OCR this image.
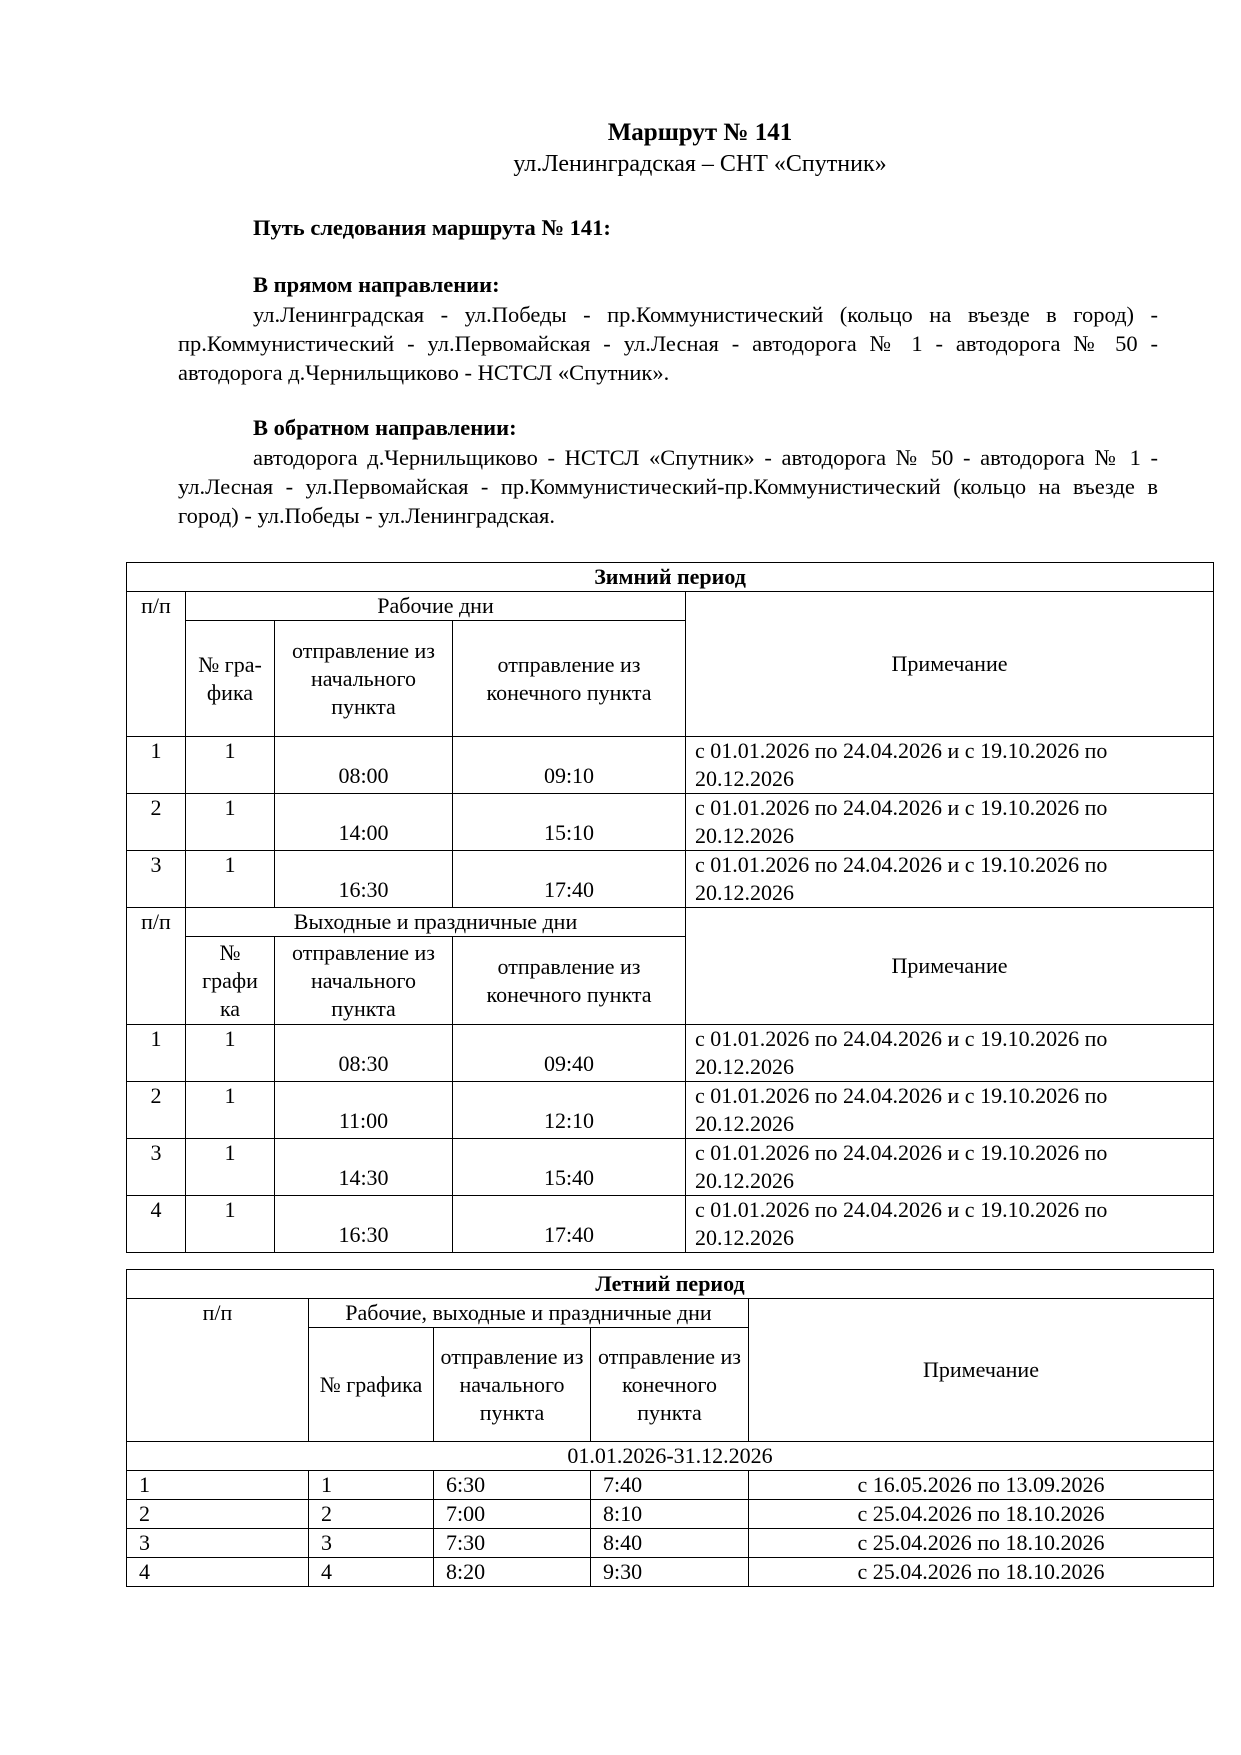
Маршрут № 141
ул.Ленинградская – СНТ «Спутник»
Путь следования маршрута № 141:
В прямом направлении:
ул.Ленинградская - ул.Победы - пр.Коммунистический (кольцо на въезде в город) - пр.Коммунистический - ул.Первомайская - ул.Лесная - автодорога № 1 - автодорога № 50 - автодорога д.Чернильщиково - НСТСЛ «Спутник».
В обратном направлении:
автодорога д.Чернильщиково - НСТСЛ «Спутник» - автодорога № 50 - автодорога № 1 - ул.Лесная - ул.Первомайская - пр.Коммунистический-пр.Коммунистический (кольцо на въезде в город) - ул.Победы - ул.Ленинградская.
Зимний период				
п/п	Рабочие дни			Примечание
	№ гра- фика	отправление из начального пункта	отправление из конечного пункта	
1	1	08:00	09:10	с 01.01.2026 по 24.04.2026 и с 19.10.2026 по 20.12.2026
2	1	14:00	15:10	с 01.01.2026 по 24.04.2026 и с 19.10.2026 по 20.12.2026
3	1	16:30	17:40	с 01.01.2026 по 24.04.2026 и с 19.10.2026 по 20.12.2026
п/п	Выходные и праздничные дни			Примечание
	№ графи ка	отправление из начального пункта	отправление из конечного пункта	
1	1	08:30	09:40	с 01.01.2026 по 24.04.2026 и с 19.10.2026 по 20.12.2026
2	1	11:00	12:10	с 01.01.2026 по 24.04.2026 и с 19.10.2026 по 20.12.2026
3	1	14:30	15:40	с 01.01.2026 по 24.04.2026 и с 19.10.2026 по 20.12.2026
4	1	16:30	17:40	с 01.01.2026 по 24.04.2026 и с 19.10.2026 по 20.12.2026
Летний период				
п/п	Рабочие, выходные и праздничные дни			Примечание
	№ графика	отправление из начального пункта	отправление из конечного пункта	
01.01.2026-31.12.2026				
1	1	6:30	7:40	с 16.05.2026 по 13.09.2026
2	2	7:00	8:10	с 25.04.2026 по 18.10.2026
3	3	7:30	8:40	с 25.04.2026 по 18.10.2026
4	4	8:20	9:30	с 25.04.2026 по 18.10.2026
